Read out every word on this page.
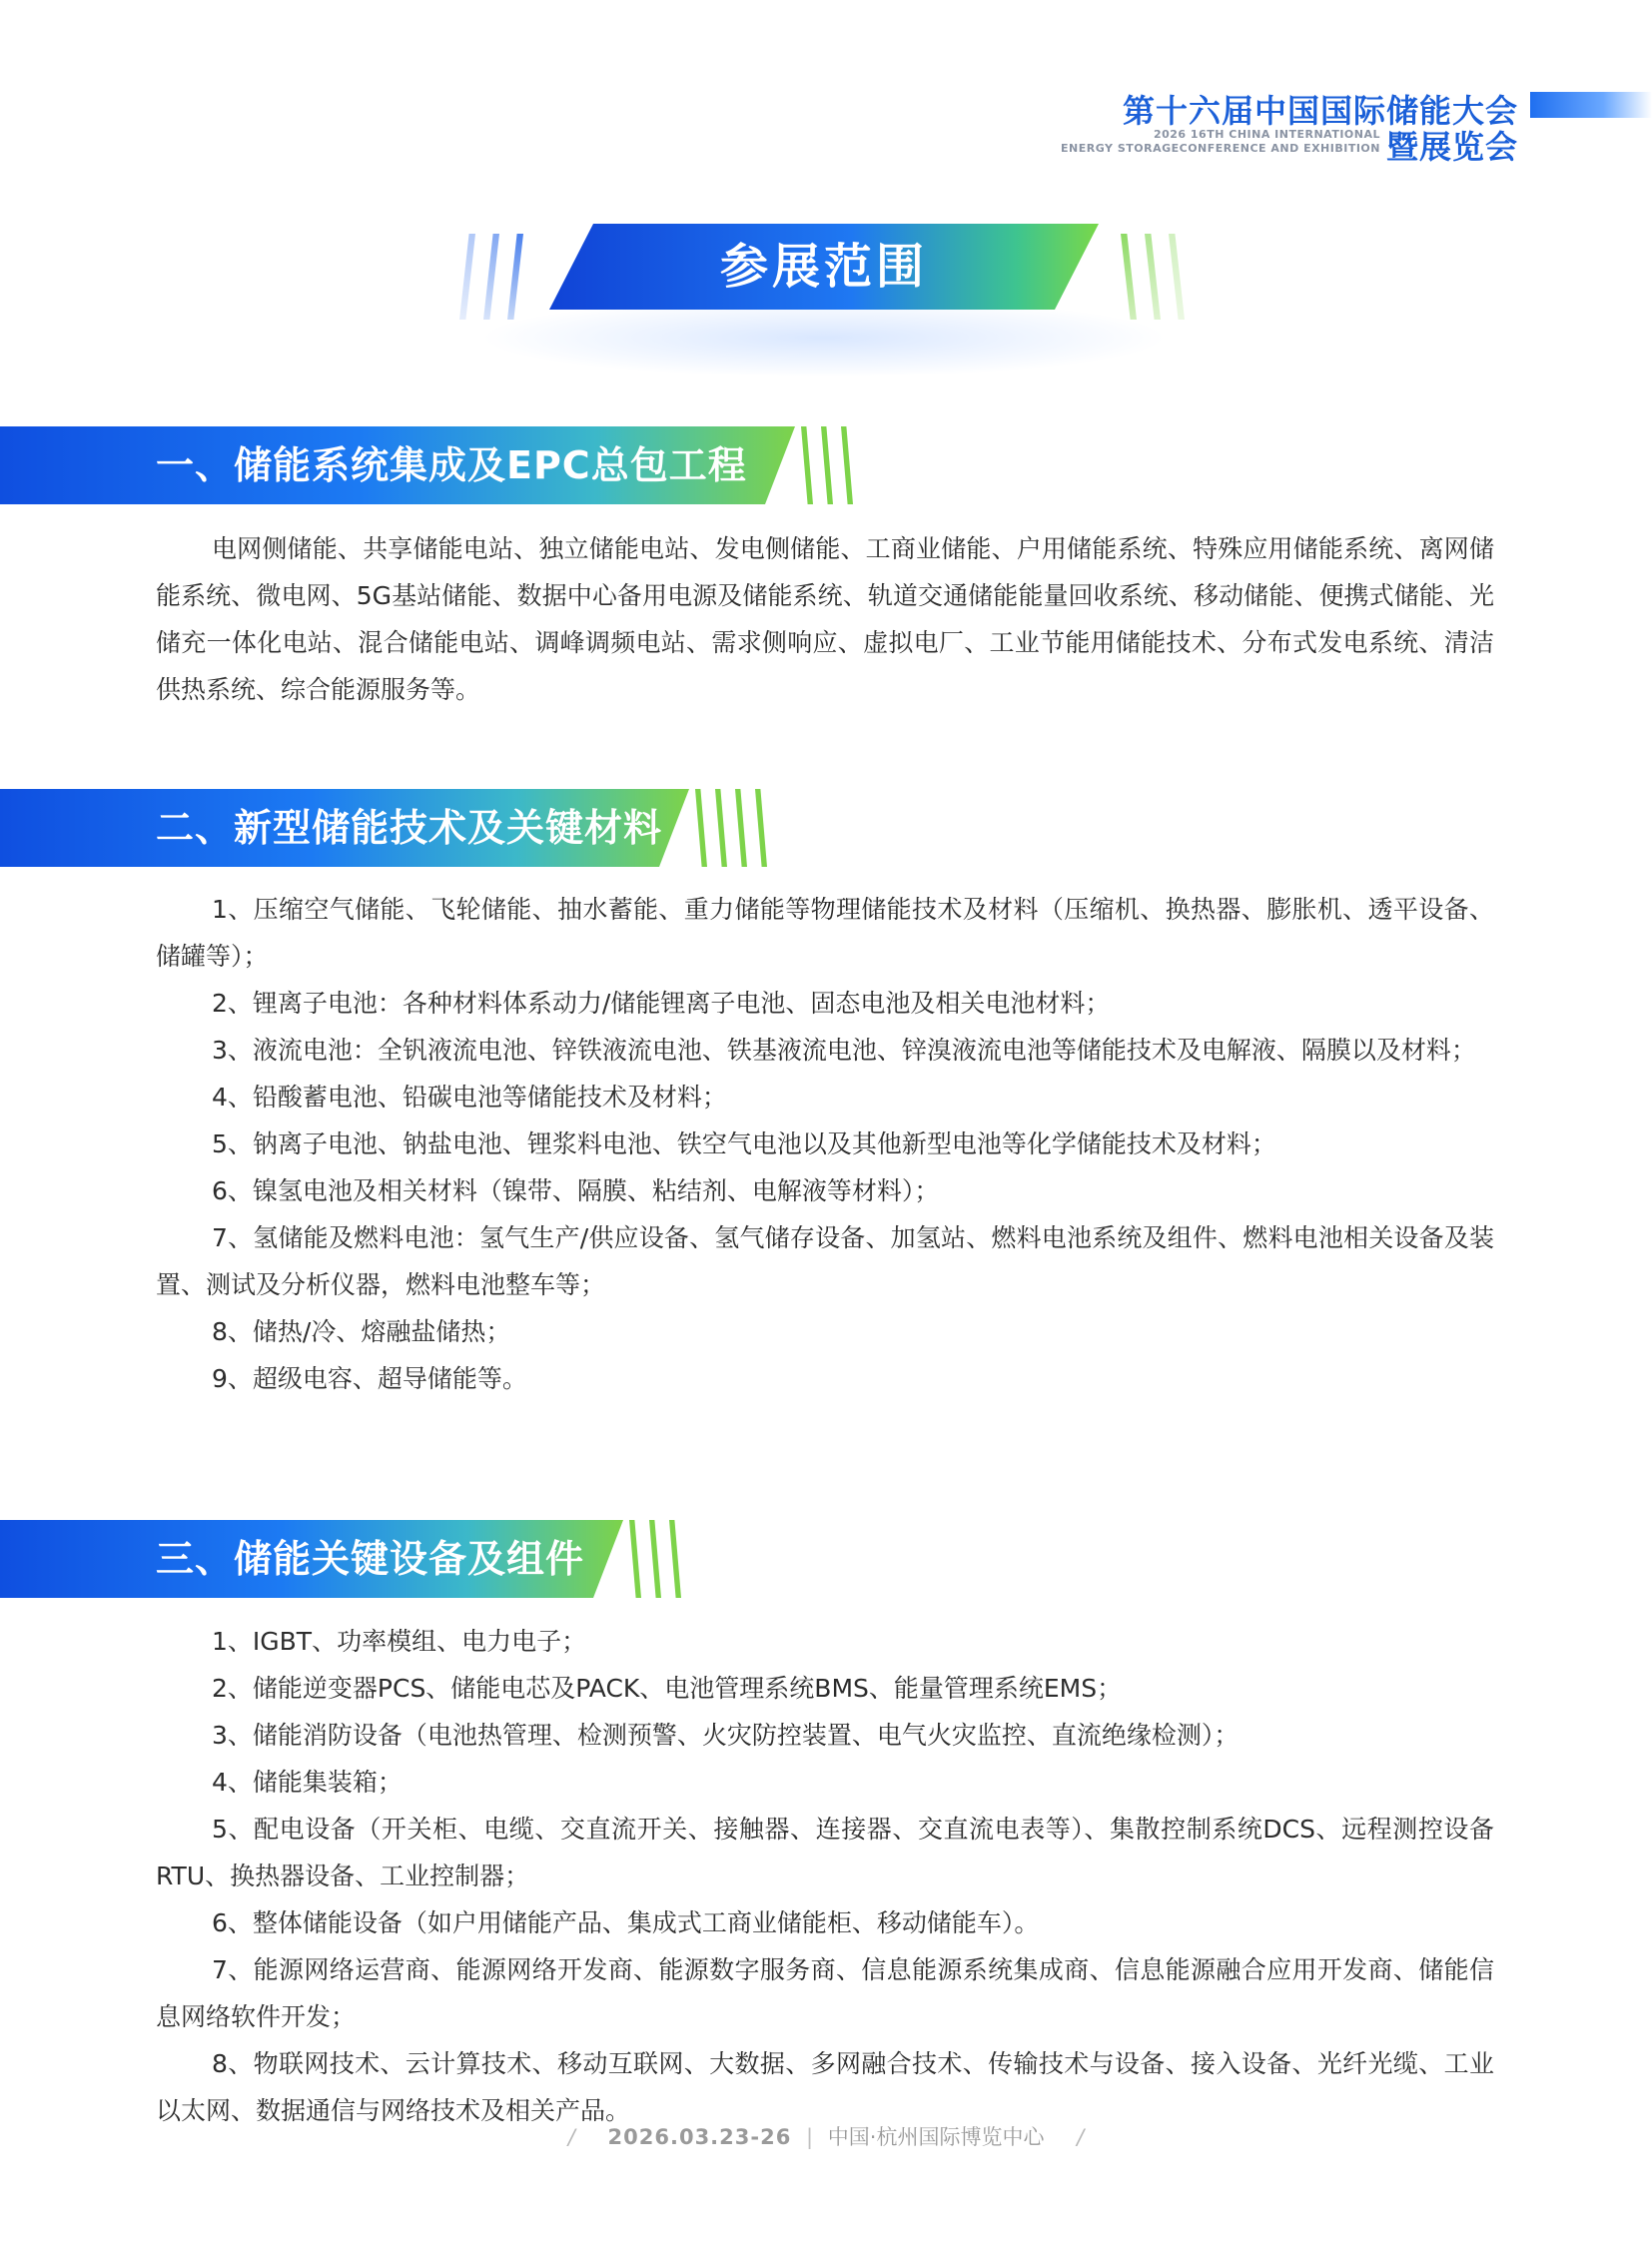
第十六届中国国际储能大会
暨展览会
2026 16TH CHINA INTERNATIONAL
ENERGY STORAGECONFERENCE AND EXHIBITION
参展范围
一、储能系统集成及EPC总包工程

电网侧储能、共享储能电站、独立储能电站、发电侧储能、工商业储能、户用储能系统、特殊应用储能系统、离网储能系统、微电网、5G基站储能、数据中心备用电源及储能系统、轨道交通储能能量回收系统、移动储能、便携式储能、光储充一体化电站、混合储能电站、调峰调频电站、需求侧响应、虚拟电厂、工业节能用储能技术、分布式发电系统、清洁供热系统、综合能源服务等。

二、新型储能技术及关键材料

1、压缩空气储能、飞轮储能、抽水蓄能、重力储能等物理储能技术及材料（压缩机、换热器、膨胀机、透平设备、储罐等）；

2、锂离子电池：各种材料体系动力/储能锂离子电池、固态电池及相关电池材料；

3、液流电池：全钒液流电池、锌铁液流电池、铁基液流电池、锌溴液流电池等储能技术及电解液、隔膜以及材料；

4、铅酸蓄电池、铅碳电池等储能技术及材料；

5、钠离子电池、钠盐电池、锂浆料电池、铁空气电池以及其他新型电池等化学储能技术及材料；

6、镍氢电池及相关材料（镍带、隔膜、粘结剂、电解液等材料）；

7、氢储能及燃料电池：氢气生产/供应设备、氢气储存设备、加氢站、燃料电池系统及组件、燃料电池相关设备及装置、测试及分析仪器，燃料电池整车等；

8、储热/冷、熔融盐储热；

9、超级电容、超导储能等。

三、储能关键设备及组件

1、IGBT、功率模组、电力电子；

2、储能逆变器PCS、储能电芯及PACK、电池管理系统BMS、能量管理系统EMS；

3、储能消防设备（电池热管理、检测预警、火灾防控装置、电气火灾监控、直流绝缘检测）；

4、储能集装箱；

5、配电设备（开关柜、电缆、交直流开关、接触器、连接器、交直流电表等）、集散控制系统DCS、远程测控设备RTU、换热器设备、工业控制器；

6、整体储能设备（如户用储能产品、集成式工商业储能柜、移动储能车）。

7、能源网络运营商、能源网络开发商、能源数字服务商、信息能源系统集成商、信息能源融合应用开发商、储能信息网络软件开发；

8、物联网技术、云计算技术、移动互联网、大数据、多网融合技术、传输技术与设备、接入设备、光纤光缆、工业以太网、数据通信与网络技术及相关产品。

/ 2026.03.23-26 | 中国·杭州国际博览中心 /
